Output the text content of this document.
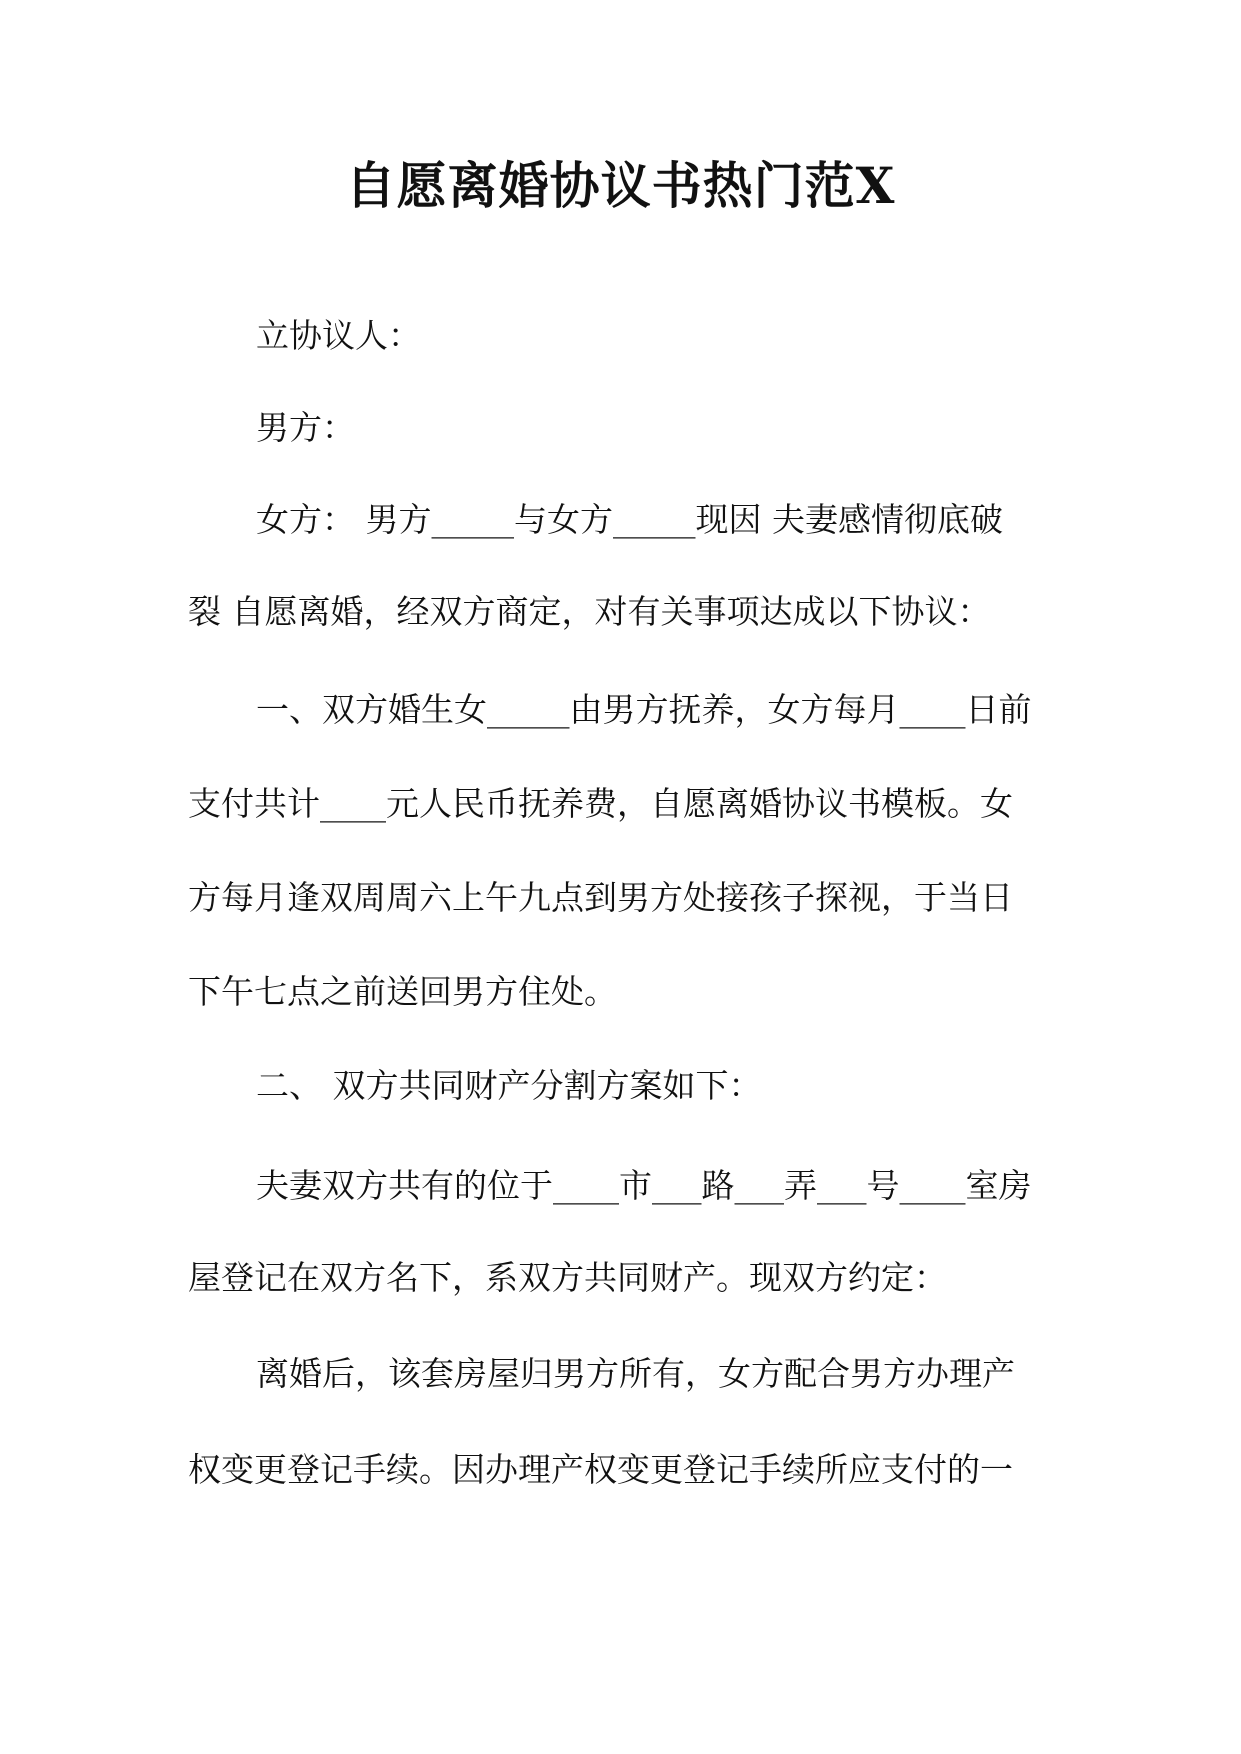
自愿离婚协议书热门范X

立协议人：

男方：

女方： 男方_____与女方_____现因 夫妻感情彻底破

裂 自愿离婚，经双方商定，对有关事项达成以下协议：

一、双方婚生女_____由男方抚养，女方每月____日前

支付共计____元人民币抚养费，自愿离婚协议书模板。女

方每月逢双周周六上午九点到男方处接孩子探视，于当日

下午七点之前送回男方住处。

二、 双方共同财产分割方案如下：

夫妻双方共有的位于____市___路___弄___号____室房

屋登记在双方名下，系双方共同财产。现双方约定：

离婚后，该套房屋归男方所有，女方配合男方办理产

权变更登记手续。因办理产权变更登记手续所应支付的一
